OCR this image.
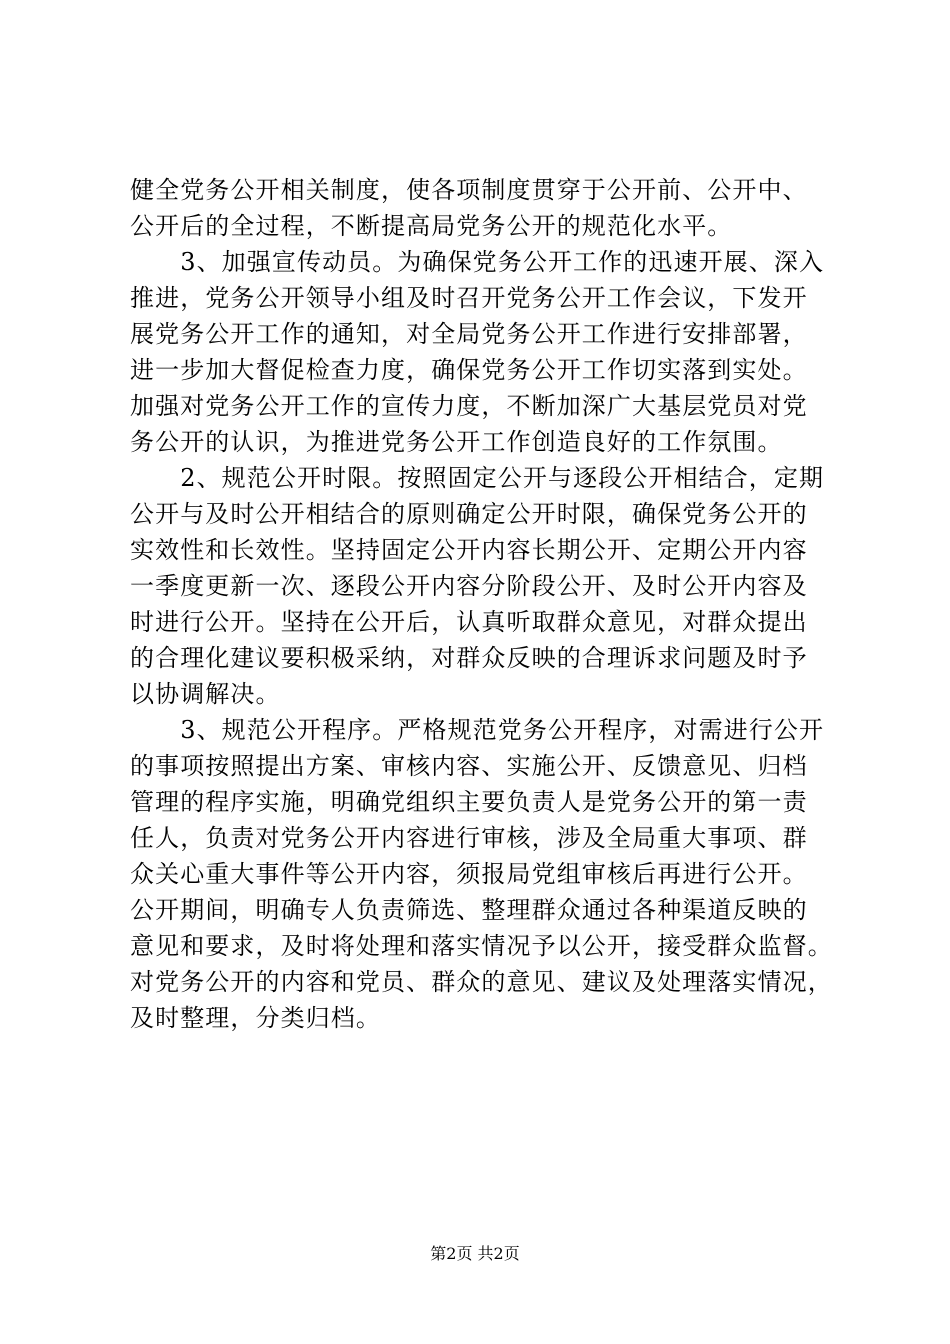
健全党务公开相关制度，使各项制度贯穿于公开前、公开中、
公开后的全过程，不断提高局党务公开的规范化水平。
　　3、加强宣传动员。为确保党务公开工作的迅速开展、深入
推进，党务公开领导小组及时召开党务公开工作会议，下发开
展党务公开工作的通知，对全局党务公开工作进行安排部署，
进一步加大督促检查力度，确保党务公开工作切实落到实处。
加强对党务公开工作的宣传力度，不断加深广大基层党员对党
务公开的认识，为推进党务公开工作创造良好的工作氛围。
　　2、规范公开时限。按照固定公开与逐段公开相结合，定期
公开与及时公开相结合的原则确定公开时限，确保党务公开的
实效性和长效性。坚持固定公开内容长期公开、定期公开内容
一季度更新一次、逐段公开内容分阶段公开、及时公开内容及
时进行公开。坚持在公开后，认真听取群众意见，对群众提出
的合理化建议要积极采纳，对群众反映的合理诉求问题及时予
以协调解决。
　　3、规范公开程序。严格规范党务公开程序，对需进行公开
的事项按照提出方案、审核内容、实施公开、反馈意见、归档
管理的程序实施，明确党组织主要负责人是党务公开的第一责
任人，负责对党务公开内容进行审核，涉及全局重大事项、群
众关心重大事件等公开内容，须报局党组审核后再进行公开。
公开期间，明确专人负责筛选、整理群众通过各种渠道反映的
意见和要求，及时将处理和落实情况予以公开，接受群众监督。
对党务公开的内容和党员、群众的意见、建议及处理落实情况，
及时整理，分类归档。
第2页 共2页
